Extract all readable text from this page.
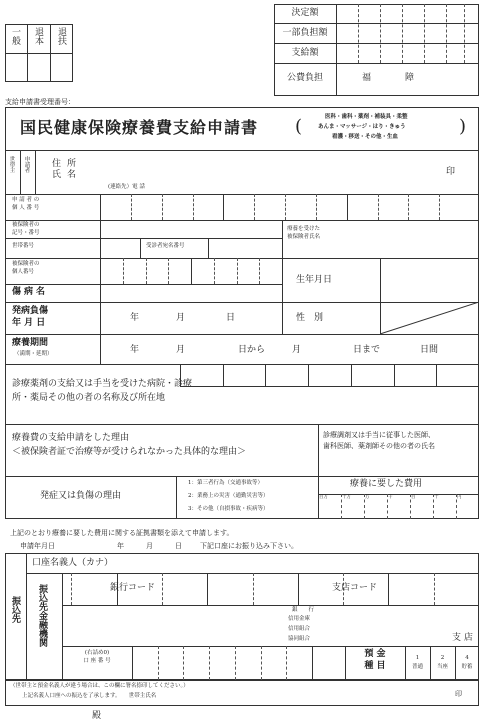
一般 退本 退扶
決定額
一部負担額
支給額
公費負担	福	障
支給申請書受理番号：
国民健康保険療養費支給申請書 (	)
医科・歯科・薬剤・補装具・柔整
あんま・マッサージ・はり・きゅう
看護・移送・その他・生血
世帯主 申請者	住所
氏名	印
(連絡先）電 話
申 請 者 の
個 人 番 号
被保険者の
記号・番号
療養を受けた
被保険者氏名
世帯番号	受診者宛名番号
被保険者の
個人番号
生年月日
傷病名
発病負傷
年 月 日	年	月	日	性　別
療養期間
（満期・延期）	年	月	日から	月	日まで	日間
診療薬剤の支給又は手当を受けた病院・診療所・薬局その他の者の名称及び所在地
療養費の支給申請をした理由
＜被保険者証で治療等が受けられなかった具体的な理由＞
診療調剤又は手当に従事した医師、
歯科医師、薬剤師その他の者の氏名
発症又は負傷の理由
1：第三者行為（交通事故等）
2：業務上の災害（通勤災害等）
3：その他（自損事故・疾病等）
療養に要した費用
百万	十万	万	千	百	十	円
上記のとおり療養に要した費用に関する証拠書類を添えて申請します。
申請年月日	年	月	日	下記口座にお振り込み下さい。
振込先
口座名義人（カナ）
振込先金融機関	銀行コード	支店コード
銀　　行
信用金庫
信用組合
協同組合	支 店
(右詰め0)
口 座 番 号
預 金
種 目
1
普通
2
当座
4
貯蓄
（世帯主と預金名義人が違う場合は、この欄に署名捺印してください。）
上記名義人口座への振込を了承します。　　世帯主氏名	印
殿
